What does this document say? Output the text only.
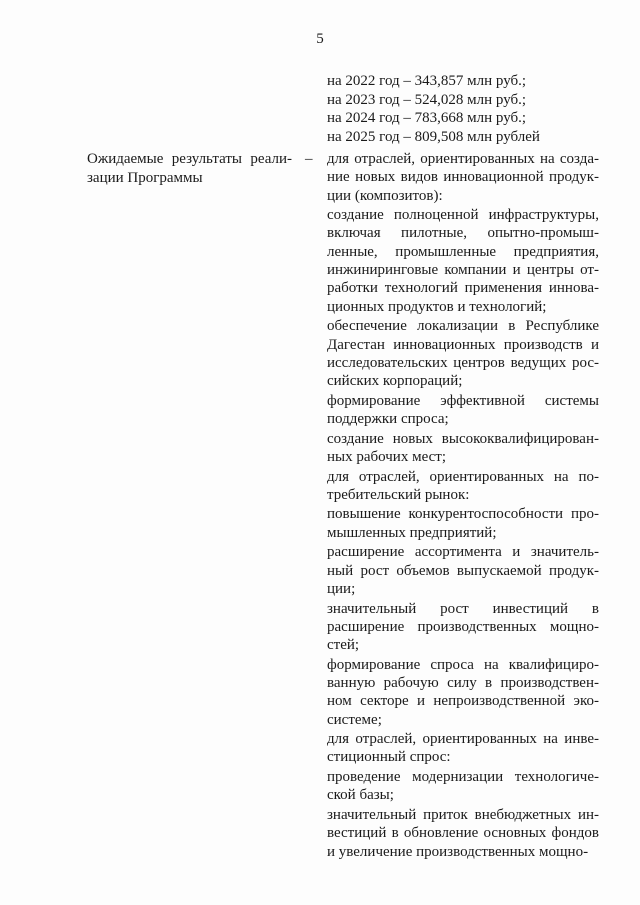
5
на 2022 год – 343,857 млн руб.;
на 2023 год – 524,028 млн руб.;
на 2024 год – 783,668 млн руб.;
на 2025 год – 809,508 млн рублей
Ожидаемые результаты реали-
зации Программы
– для отраслей, ориентированных на создание новых видов инновационной продукции (композитов):

создание полноценной инфраструктуры, включая пилотные, опытно-промышленные, промышленные предприятия, инжиниринговые компании и центры отработки технологий применения инновационных продуктов и технологий;

обеспечение локализации в Республике Дагестан инновационных производств и исследовательских центров ведущих российских корпораций;

формирование эффективной системы поддержки спроса;

создание новых высококвалифицированных рабочих мест;

для отраслей, ориентированных на потребительский рынок:

повышение конкурентоспособности промышленных предприятий;

расширение ассортимента и значительный рост объемов выпускаемой продукции;

значительный рост инвестиций в расширение производственных мощностей;

формирование спроса на квалифицированную рабочую силу в производственном секторе и непроизводственной экосистеме;

для отраслей, ориентированных на инвестиционный спрос:

проведение модернизации технологической базы;

значительный приток внебюджетных инвестиций в обновление основных фондов и увеличение производственных мощно-
